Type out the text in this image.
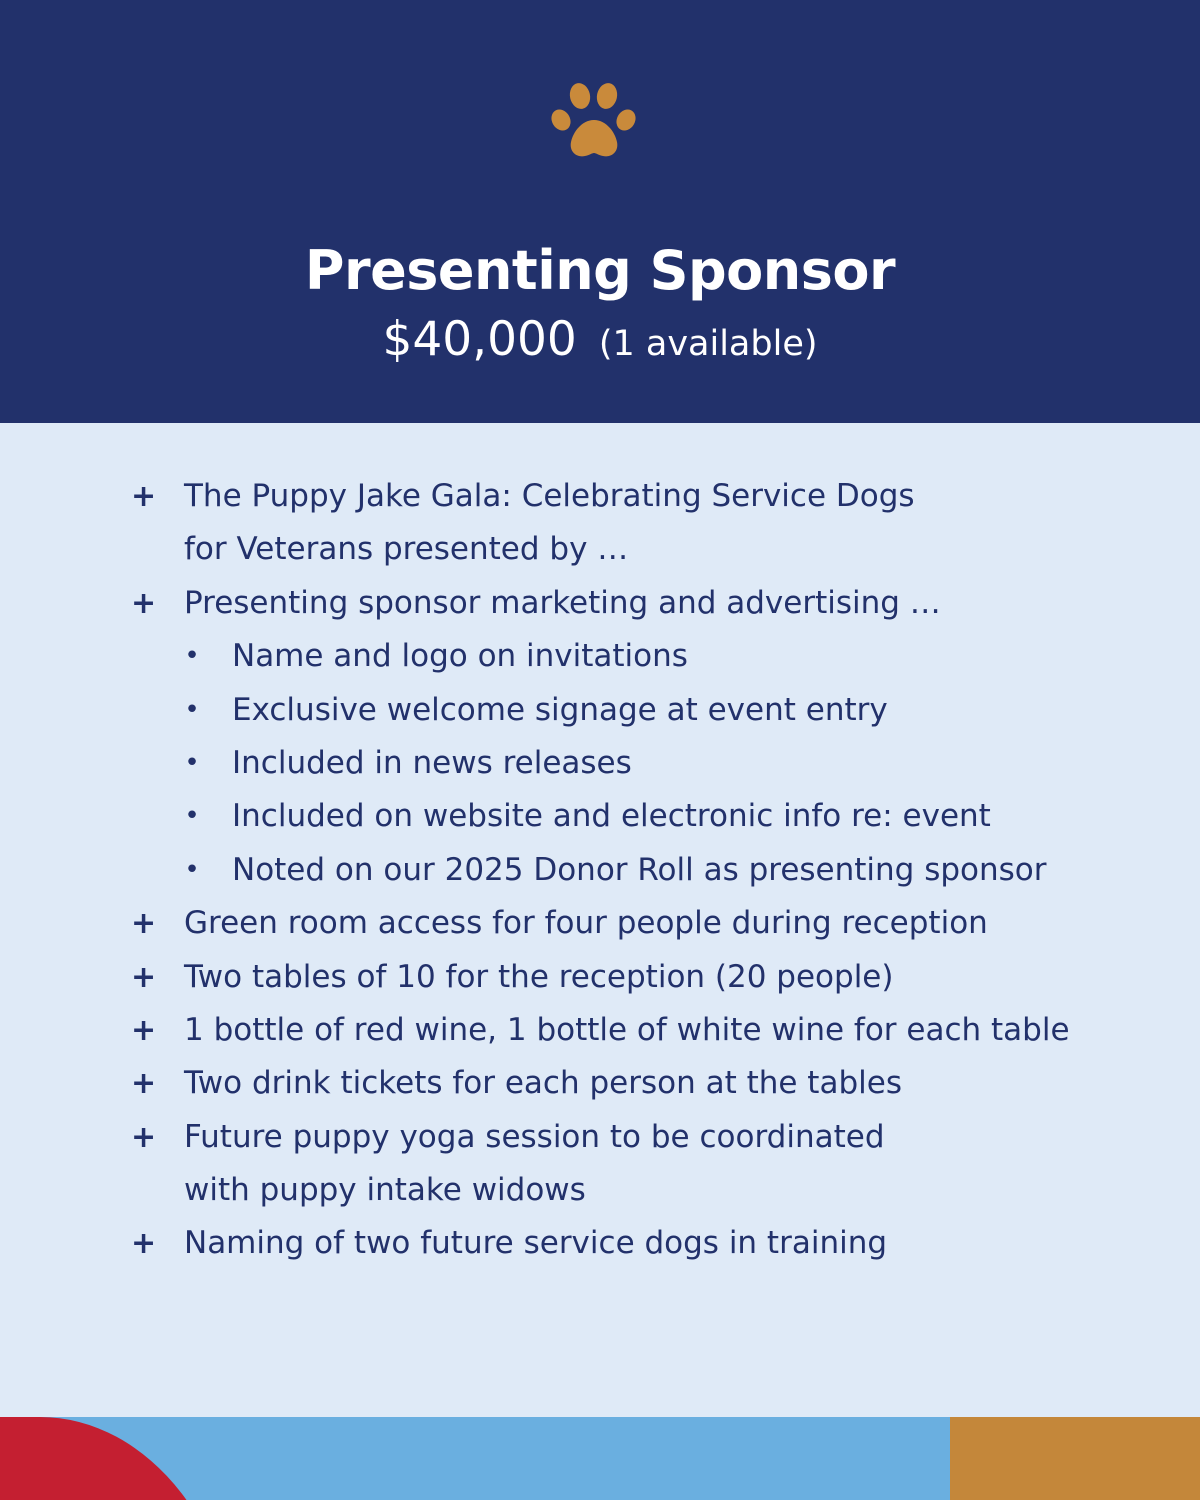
Presenting Sponsor
$40,000 (1 available)
+ The Puppy Jake Gala: Celebrating Service Dogs
for Veterans presented by …
+ Presenting sponsor marketing and advertising …
• Name and logo on invitations
• Exclusive welcome signage at event entry
• Included in news releases
• Included on website and electronic info re: event
• Noted on our 2025 Donor Roll as presenting sponsor
+ Green room access for four people during reception
+ Two tables of 10 for the reception (20 people)
+ 1 bottle of red wine, 1 bottle of white wine for each table
+ Two drink tickets for each person at the tables
+ Future puppy yoga session to be coordinated
with puppy intake widows
+ Naming of two future service dogs in training
